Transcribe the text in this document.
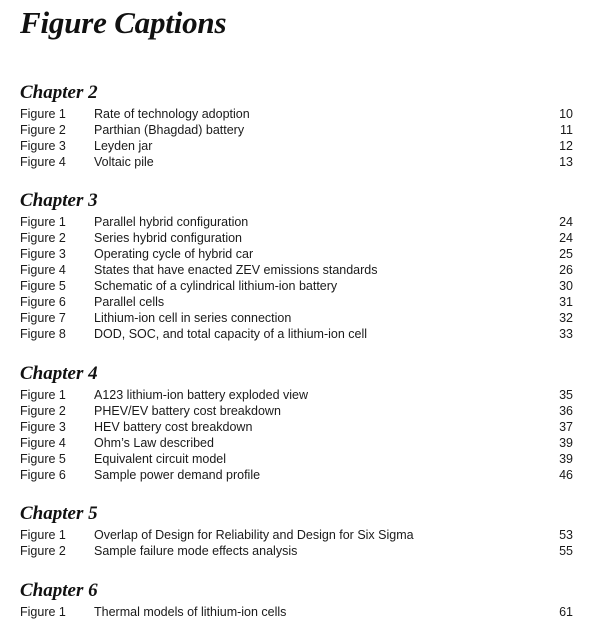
Figure Captions
Chapter 2
Figure 1 Rate of technology adoption	10
Figure 2 Parthian (Bhagdad) battery	11
Figure 3 Leyden jar	12
Figure 4 Voltaic pile	13
Chapter 3
Figure 1 Parallel hybrid configuration	24
Figure 2 Series hybrid configuration	24
Figure 3 Operating cycle of hybrid car	25
Figure 4 States that have enacted ZEV emissions standards	26
Figure 5 Schematic of a cylindrical lithium-ion battery	30
Figure 6 Parallel cells	31
Figure 7 Lithium-ion cell in series connection	32
Figure 8 DOD, SOC, and total capacity of a lithium-ion cell	33
Chapter 4
Figure 1 A123 lithium-ion battery exploded view	35
Figure 2 PHEV/EV battery cost breakdown	36
Figure 3 HEV battery cost breakdown	37
Figure 4 Ohm’s Law described	39
Figure 5 Equivalent circuit model	39
Figure 6 Sample power demand profile	46
Chapter 5
Figure 1 Overlap of Design for Reliability and Design for Six Sigma	53
Figure 2 Sample failure mode effects analysis	55
Chapter 6
Figure 1 Thermal models of lithium-ion cells	61
